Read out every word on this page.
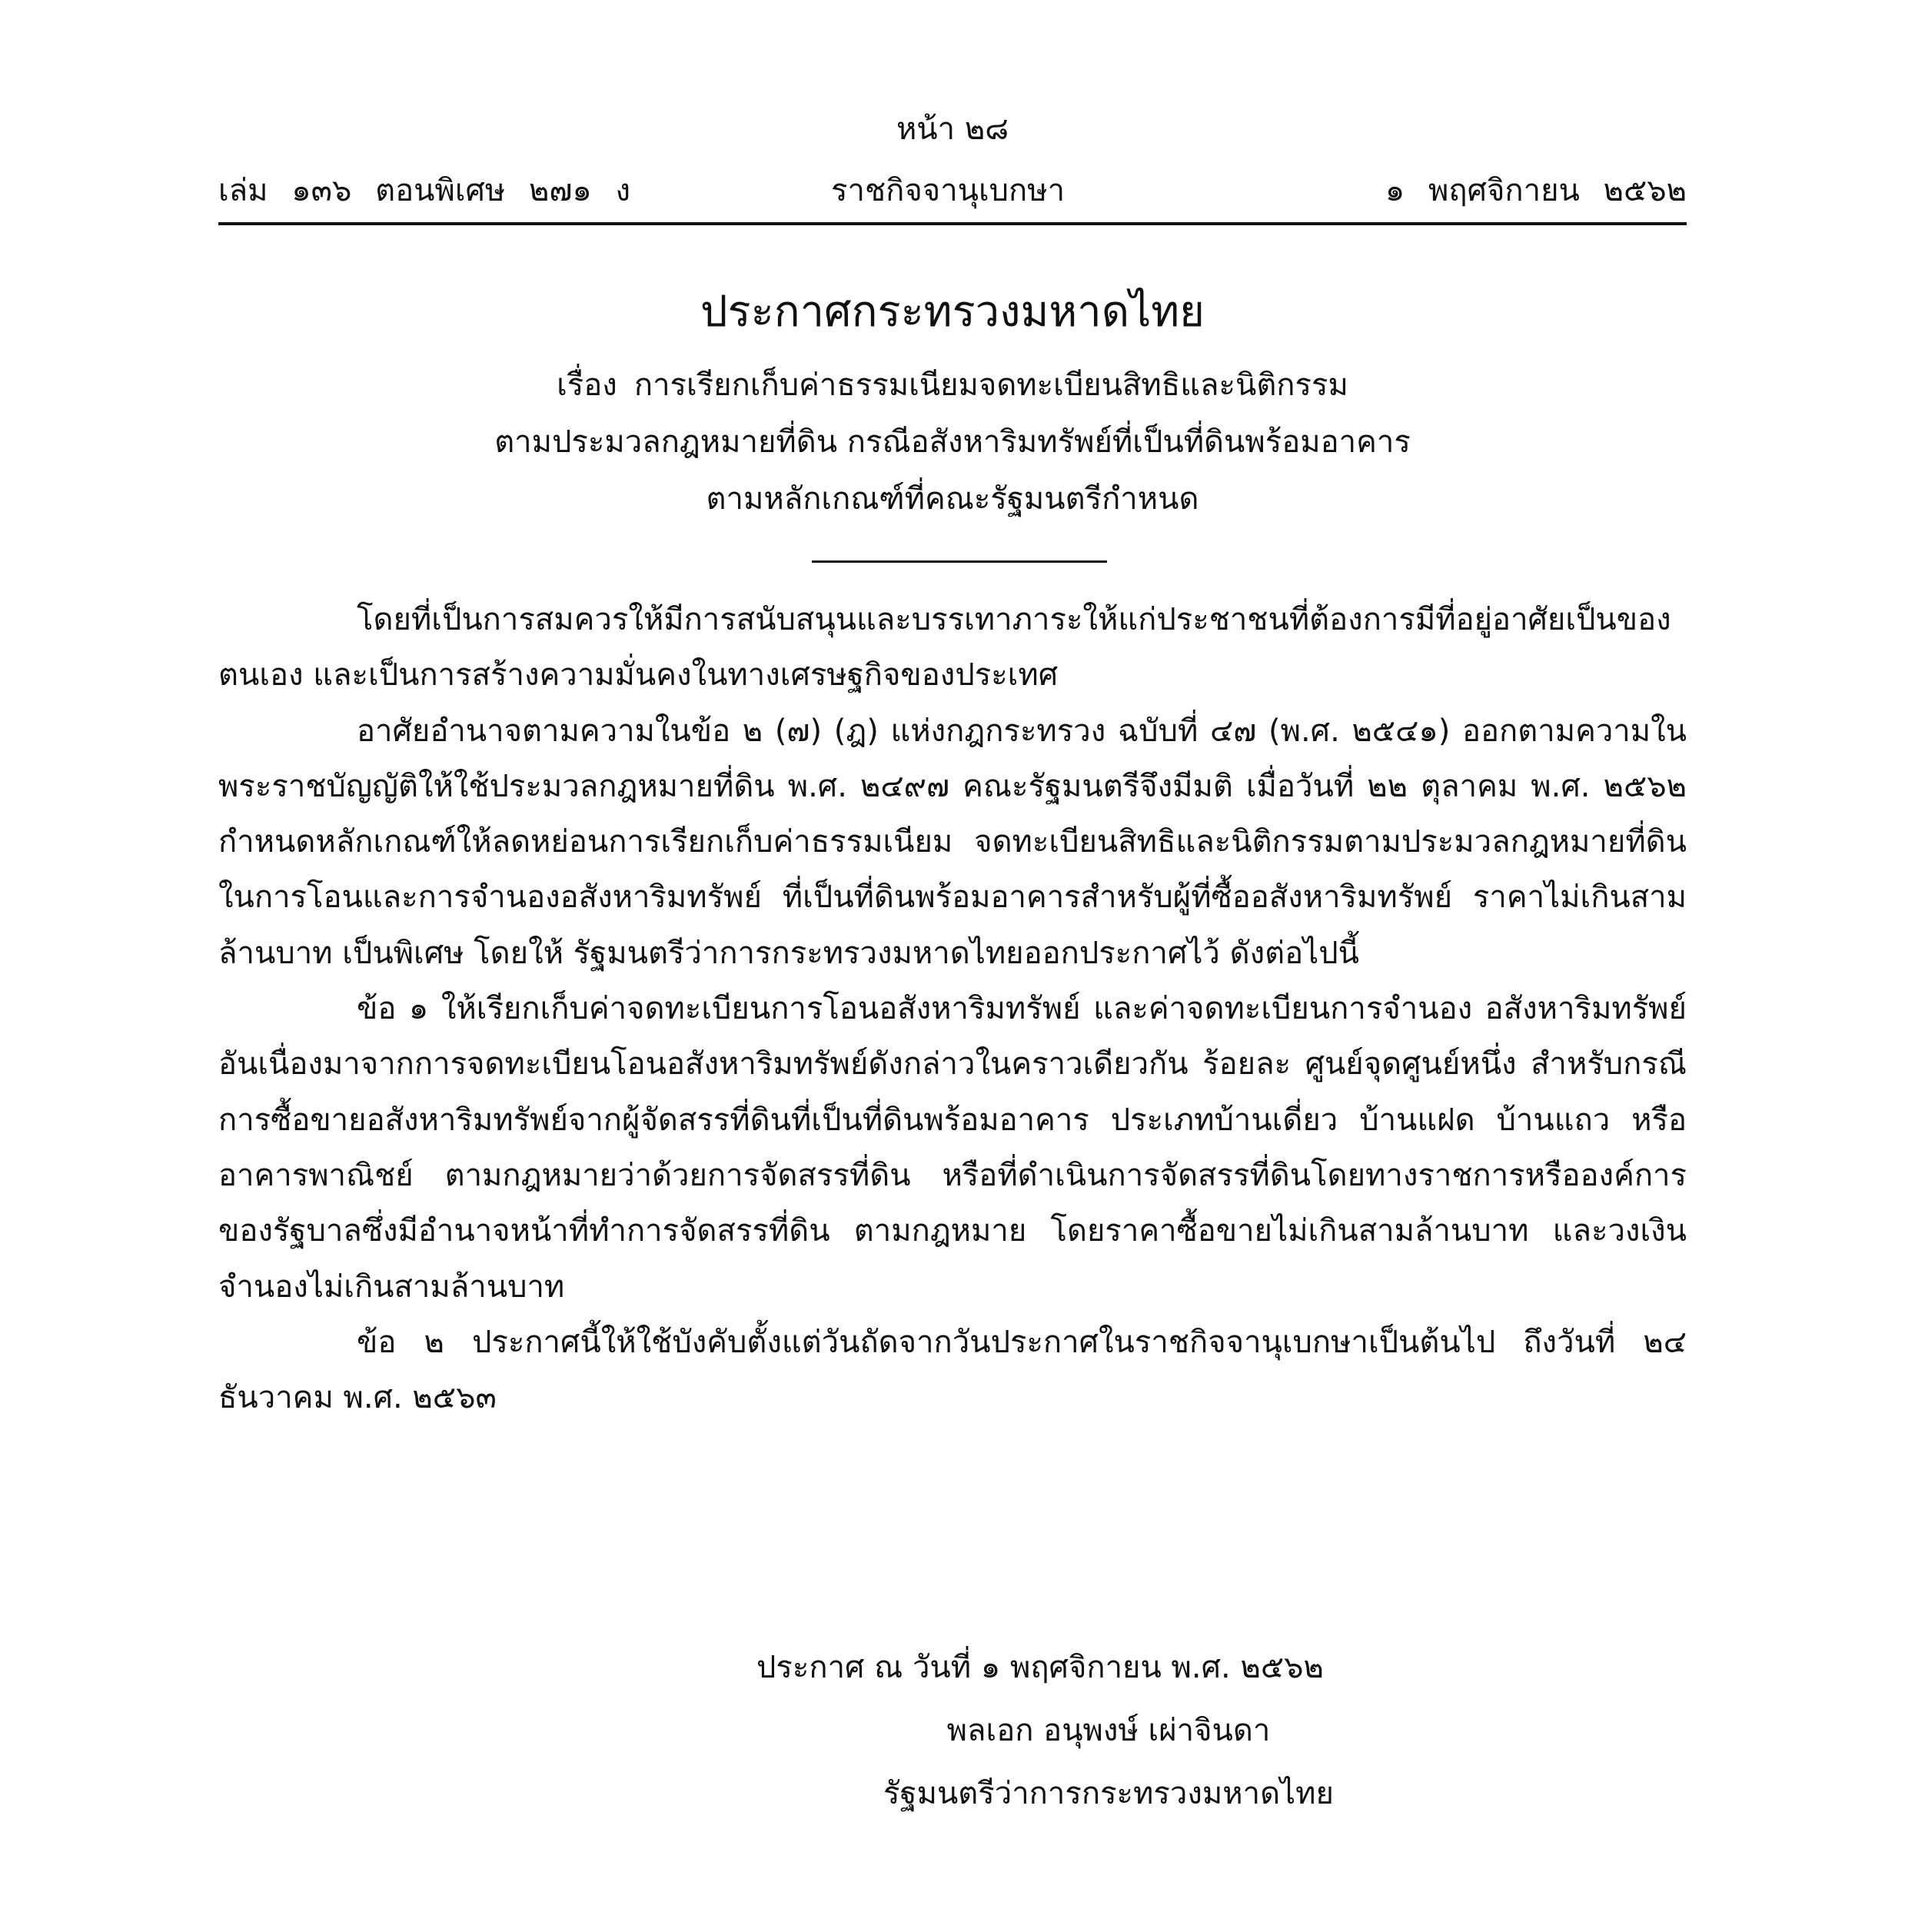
หน้า ๒๘
เล่ม ๑๓๖ ตอนพิเศษ ๒๗๑ ง	ราชกิจจานุเบกษา	๑ พฤศจิกายน ๒๕๖๒
ประกาศกระทรวงมหาดไทย
เรื่อง การเรียกเก็บค่าธรรมเนียมจดทะเบียนสิทธิและนิติกรรม
ตามประมวลกฎหมายที่ดิน กรณีอสังหาริมทรัพย์ที่เป็นที่ดินพร้อมอาคาร
ตามหลักเกณฑ์ที่คณะรัฐมนตรีกำหนด

โดยที่เป็นการสมควรให้มีการสนับสนุนและบรรเทาภาระให้แก่ประชาชนที่ต้องการมีที่อยู่อาศัยเป็นของตนเอง และเป็นการสร้างความมั่นคงในทางเศรษฐกิจของประเทศ

อาศัยอำนาจตามความในข้อ ๒ (๗) (ฎ) แห่งกฎกระทรวง ฉบับที่ ๔๗ (พ.ศ. ๒๕๔๑) ออกตามความในพระราชบัญญัติให้ใช้ประมวลกฎหมายที่ดิน พ.ศ. ๒๔๙๗ คณะรัฐมนตรีจึงมีมติ เมื่อวันที่ ๒๒ ตุลาคม พ.ศ. ๒๕๖๒ กำหนดหลักเกณฑ์ให้ลดหย่อนการเรียกเก็บค่าธรรมเนียม จดทะเบียนสิทธิและนิติกรรมตามประมวลกฎหมายที่ดินในการโอนและการจำนองอสังหาริมทรัพย์ ที่เป็นที่ดินพร้อมอาคารสำหรับผู้ที่ซื้ออสังหาริมทรัพย์ ราคาไม่เกินสามล้านบาท เป็นพิเศษ โดยให้ รัฐมนตรีว่าการกระทรวงมหาดไทยออกประกาศไว้ ดังต่อไปนี้

ข้อ ๑ ให้เรียกเก็บค่าจดทะเบียนการโอนอสังหาริมทรัพย์ และค่าจดทะเบียนการจำนอง อสังหาริมทรัพย์อันเนื่องมาจากการจดทะเบียนโอนอสังหาริมทรัพย์ดังกล่าวในคราวเดียวกัน ร้อยละ ศูนย์จุดศูนย์หนึ่ง สำหรับกรณีการซื้อขายอสังหาริมทรัพย์จากผู้จัดสรรที่ดินที่เป็นที่ดินพร้อมอาคาร ประเภทบ้านเดี่ยว บ้านแฝด บ้านแถว หรืออาคารพาณิชย์ ตามกฎหมายว่าด้วยการจัดสรรที่ดิน หรือที่ดำเนินการจัดสรรที่ดินโดยทางราชการหรือองค์การของรัฐบาลซึ่งมีอำนาจหน้าที่ทำการจัดสรรที่ดิน ตามกฎหมาย โดยราคาซื้อขายไม่เกินสามล้านบาท และวงเงินจำนองไม่เกินสามล้านบาท

ข้อ ๒ ประกาศนี้ให้ใช้บังคับตั้งแต่วันถัดจากวันประกาศในราชกิจจานุเบกษาเป็นต้นไป ถึงวันที่ ๒๔ ธันวาคม พ.ศ. ๒๕๖๓

ประกาศ ณ วันที่ ๑ พฤศจิกายน พ.ศ. ๒๕๖๒
พลเอก อนุพงษ์ เผ่าจินดา
รัฐมนตรีว่าการกระทรวงมหาดไทย
